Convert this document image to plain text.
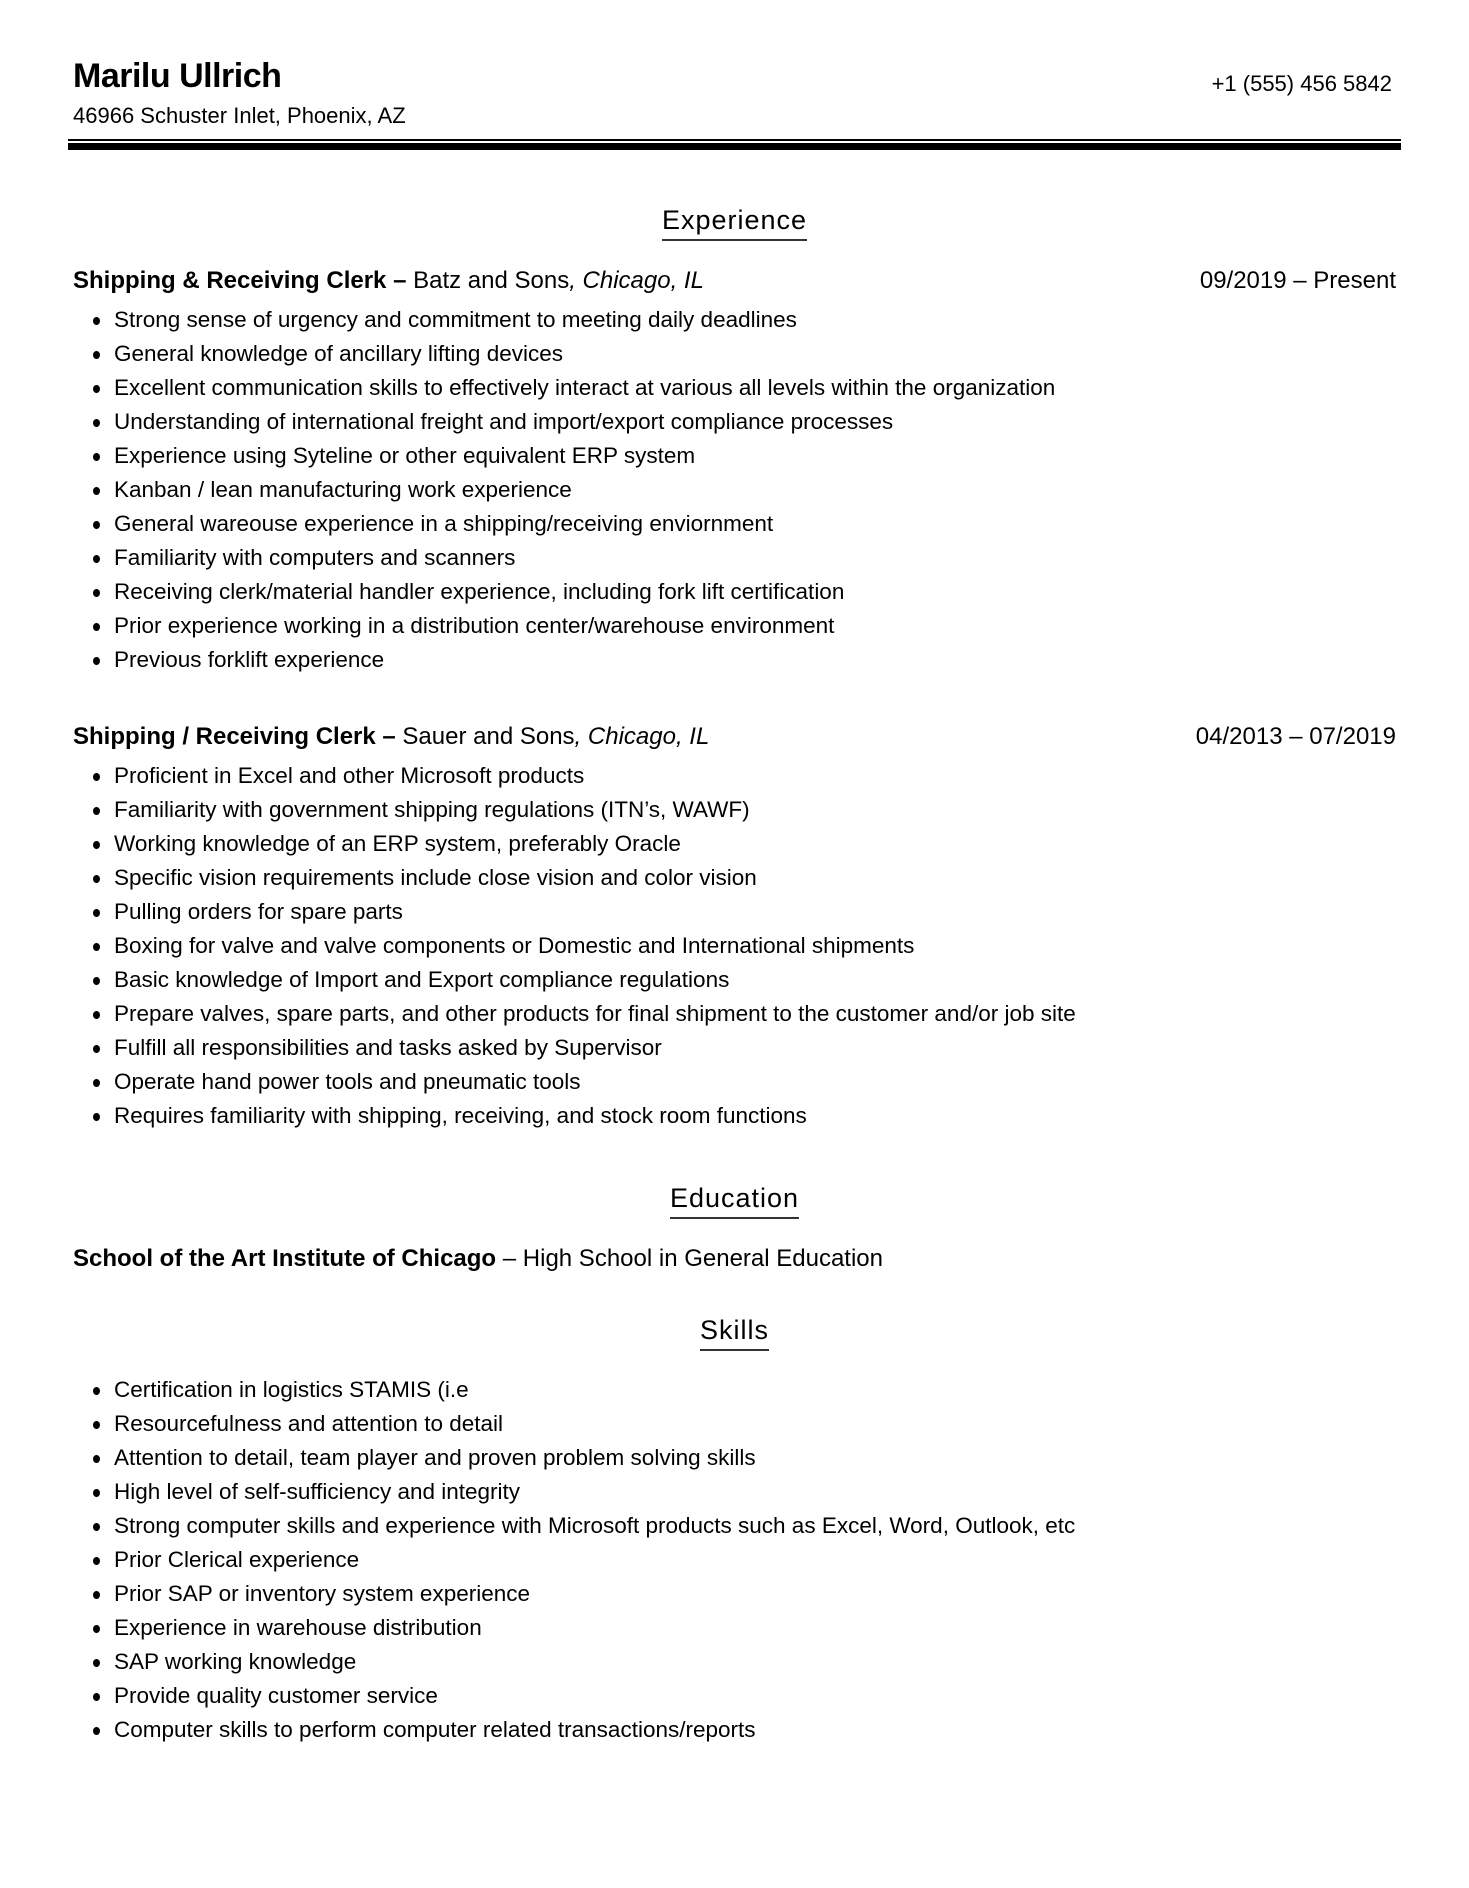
Marilu Ullrich
46966 Schuster Inlet, Phoenix, AZ
+1 (555) 456 5842
Experience
Shipping & Receiving Clerk – Batz and Sons, Chicago, IL	09/2019 – Present
Strong sense of urgency and commitment to meeting daily deadlines
General knowledge of ancillary lifting devices
Excellent communication skills to effectively interact at various all levels within the organization
Understanding of international freight and import/export compliance processes
Experience using Syteline or other equivalent ERP system
Kanban / lean manufacturing work experience
General wareouse experience in a shipping/receiving enviornment
Familiarity with computers and scanners
Receiving clerk/material handler experience, including fork lift certification
Prior experience working in a distribution center/warehouse environment
Previous forklift experience
Shipping / Receiving Clerk – Sauer and Sons, Chicago, IL	04/2013 – 07/2019
Proficient in Excel and other Microsoft products
Familiarity with government shipping regulations (ITN’s, WAWF)
Working knowledge of an ERP system, preferably Oracle
Specific vision requirements include close vision and color vision
Pulling orders for spare parts
Boxing for valve and valve components or Domestic and International shipments
Basic knowledge of Import and Export compliance regulations
Prepare valves, spare parts, and other products for final shipment to the customer and/or job site
Fulfill all responsibilities and tasks asked by Supervisor
Operate hand power tools and pneumatic tools
Requires familiarity with shipping, receiving, and stock room functions
Education
School of the Art Institute of Chicago – High School in General Education
Skills
Certification in logistics STAMIS (i.e
Resourcefulness and attention to detail
Attention to detail, team player and proven problem solving skills
High level of self-sufficiency and integrity
Strong computer skills and experience with Microsoft products such as Excel, Word, Outlook, etc
Prior Clerical experience
Prior SAP or inventory system experience
Experience in warehouse distribution
SAP working knowledge
Provide quality customer service
Computer skills to perform computer related transactions/reports
